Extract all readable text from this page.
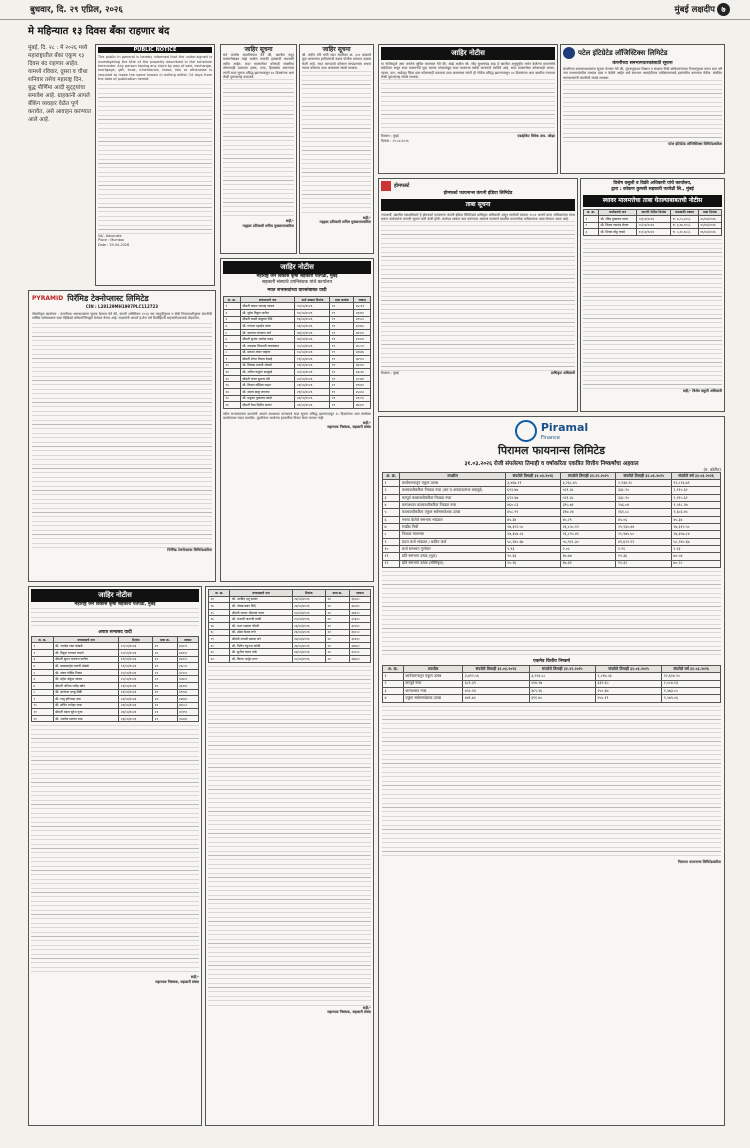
बुधवार, दि. २९ एप्रिल, २०२६	मुंबई लक्षदीप ७
मे महिन्यात १३ दिवस बँका राहणार बंद
मुंबई, दि. २८ : मे २०२६ मध्ये महाराष्ट्रातील बँका एकूण १३ दिवस बंद राहणार आहेत. यामध्ये रविवार, दुसरा व चौथा शनिवार तसेच महाराष्ट्र दिन, बुद्ध पौर्णिमा आदी सुट्ट्यांचा समावेश आहे. ग्राहकांनी आपले बँकिंग व्यवहार वेळेत पूर्ण करावेत, असे आवाहन करण्यात आले आहे.
PUBLIC NOTICE
The public in general is hereby informed that the under-signed is investigating the title of the property described in the schedule hereunder. Any person having any claim by way of sale, exchange, mortgage, gift, trust, inheritance, lease, lien or otherwise is required to make the same known in writing within 14 days from the date of publication hereof.
Sd/- Advocate
Place : Mumbai
Date : 29-04-2026
PYRAMID पिरॅमिड टेक्नोप्लास्ट लिमिटेड
CIN : L28129MH1997PLC112723
नोंदणीकृत कार्यालय : कंपनीच्या भागधारकांना सूचना देण्यात येते की, कंपनी अधिनियम २०१३ च्या तरतुदींनुसार व सेबी नियमावलीनुसार कंपनीची वार्षिक सर्वसाधारण सभा व्हिडिओ कॉन्फरन्सिंगद्वारे घेण्यात येणार आहे. सदस्यांनी आपले ई-मेल पत्ते डिपॉझिटरी सहभागीदाराकडे नोंदवावेत.
पिरॅमिड टेक्नोप्लास्ट लिमिटेडकरिता
जाहिर सूचना
सर्व जनतेस कळविण्यात येते की, खालील नमूद मालमत्तेबाबत माझे अशील मालकी हक्काची तपासणी करीत आहेत. सदर मालमत्तेवर कोणाही व्यक्तीचा कोणत्याही प्रकारचा हक्क, दावा, हितसंबंध असल्यास त्यांनी सदर सूचना प्रसिद्ध झाल्यापासून १४ दिवसांच्या आत लेखी पुराव्यासह कळवावे.
सही/-
मढ्हाव प्रतिकारी सचिव मुख्यालयकरिता
जाहिर सूचना
श्री. संदीप मोरे यांनी सदर सदनिका क्र. ३०२ बाबतचे मूळ करारनामा हरविल्याची तक्रार पोलीस ठाण्यात दाखल केली आहे. सदर कागदपत्रे कोणास सापडल्यास अथवा त्यावर कोणाचा दावा असल्यास संपर्क साधावा.
सही/-
मढ्हाव प्रतिकारी सचिव मुख्यालयकरिता
जाहिर नोटीस
महाराष्ट्र जन विकास कृषी सहकारी पतपेढी, मुंबई
सहकारी संस्थांचे उपनिबंधक यांचे कार्यालय
मयत सभासदांच्या वारसांबाबत यादी
अ. क्र.	सभासदाचे नाव	अर्ज दाखल दिनांक	दावा क्रमांक	रक्कम
१	श्रीमती कमल रामचंद्र जाधव	१५/०४/२०२६	११	४५०११
२	श्री. सुरेश विठ्ठल पाटील	१५/०४/२०२६	११	४३२१०
३	श्रीमती लक्ष्मी बाबुराव शिंदे	१६/०४/२०२६	११	४१५००
४	श्री. गणपत महादेव पवार	१६/०४/२०२६	११	३८७६०
५	श्री. दत्तात्रय नारायण माने	१७/०४/२०२६	११	४४९००
६	श्रीमती सुनंदा अशोक कदम	१७/०४/२०२६	११	३९२५०
७	श्री. रामदास भिकाजी गायकवाड	१८/०४/२०२६	११	४०८००
८	श्री. प्रकाश शंकर चव्हाण	१८/०४/२०२६	११	४२६७५
९	श्रीमती शोभा विजय देसाई	१९/०४/२०२६	११	३७९००
१०	श्री. विलास मारुती भोसले	१९/०४/२०२६	११	४६१२०
११	श्री. अनिल पांडुरंग साळुंखे	२०/०४/२०२६	११	४३८४०
१२	श्रीमती मंगल सुभाष मोरे	२०/०४/२०२६	११	४०२३०
१३	श्री. किसन धोंडिबा राऊत	२१/०४/२०२६	११	३९६१०
१४	श्री. संजय बाळू जगताप	२१/०४/२०२६	११	४५७५०
१५	श्री. मधुकर तुकाराम काळे	२२/०४/२०२६	११	४१०९०
१६	श्रीमती रेखा दिलीप सावंत	२२/०४/२०२६	११	४४३००
वरील सभासदांच्या वारसांनी आपले आवश्यक कागदपत्रे सदर सूचना प्रसिद्ध झाल्यापासून १५ दिवसांच्या आत संस्थेच्या कार्यालयात सादर करावीत. मुदतीनंतर आलेल्या हरकतींचा विचार केला जाणार नाही.
सही/-
सहाय्यक निबंधक, सहकारी संस्था
जाहिर नोटीस
या नोटीसद्वारे आम जनतेस सूचित करण्यात येते की, माझे अशील श्री. नरेंद्र सुभाषचंद्र शाह हे खालील अनुसूचीत वर्णन केलेल्या मालमत्तेचे खरेदीदार असून सदर मालमत्तेचे मूळ मालक यांच्याकडून सदर मालमत्ता खरेदी करण्याचे ठरविले आहे. सदर मालमत्तेवर कोणाचाही वारसा, गहाण, दान, भाडेपट्टा किंवा इतर कोणत्याही प्रकारचा दावा असल्यास त्यांनी ही नोटीस प्रसिद्ध झाल्यापासून १४ दिवसांच्या आत खालील पत्त्यावर लेखी पुराव्यासह संपर्क साधावा.
ठिकाण : मुंबई	एडव्होकेट विवेक आर. ओझा
दिनांक : २९.०४.२०२६
पटेल इंटिग्रेटेड लॉजिस्टिक्स लिमिटेड
कंपनीच्या समभागधारकांसाठी सूचना
कंपनीच्या समभागधारकांना सूचना देण्यात येते की, गुंतवणूकदार शिक्षण व संरक्षण निधी प्राधिकरणाच्या नियमांनुसार सलग सात वर्षे ज्या समभागांवरील लाभांश दावा न केलेले आहेत असे समभाग आयईपीएफ प्राधिकरणाकडे हस्तांतरित करण्यात येतील. संबंधित भागधारकांनी कंपनीशी संपर्क साधावा.
पटेल इंटिग्रेटेड लॉजिस्टिक्स लिमिटेडकरिता
होमफर्स्ट
होमफर्स्ट फायनान्स कंपनी इंडिया लिमिटेड
ताबा सूचना
ज्याअर्थी, खालील स्वाक्षरीकर्ता हे होमफर्स्ट फायनान्स कंपनी इंडिया लिमिटेडचे प्राधिकृत अधिकारी असून सरफेसी कायदा २००२ अन्वये प्राप्त अधिकारांचा वापर करून कर्जदारांना मागणी सूचना जारी केली होती. कर्जदार रक्कम परत करण्यास असमर्थ ठरल्याने खालील मालमत्तेचा प्रतीकात्मक ताबा घेण्यात आला आहे.
ठिकाण : मुंबई	प्राधिकृत अधिकारी
विशेष वसुली व विक्री अधिकारी यांचे कार्यालय,
द्वारा : कोकण कुणबी सहकारी पतपेढी लि., मुंबई
स्थावर मालमत्तेचा ताबा घेतल्याबाबतची नोटीस
अ. क्र.	कर्जदाराचे नाव	मागणी नोटीस दिनांक	थकबाकी रक्कम	ताबा दिनांक
१	श्री. रविंद्र तुकाराम पवार	०१/०२/२०२६	रु. ४,८५,२००/-	२५/०४/२०२६
२	श्री. विजय रामचंद्र शेलार	०५/०२/२०२६	रु. ३,२७,९००/-	२५/०४/२०२६
३	श्री. दिपक धोंडू गावडे	१०/०२/२०२६	रु. ५,१२,६५०/-	२६/०४/२०२६
सही/- विशेष वसुली अधिकारी
Piramal
Finance
पिरामल फायनान्स लिमिटेड
३१.०३.२०२६ रोजी संपलेल्या तिमाही व वर्षाकरिता एकत्रित वित्तीय निष्कर्षांचा अहवाल
(रु. कोटीत)
अ. क्र.	तपशील	संपलेले तिमाही ३१.०३.२०२६	संपलेले तिमाही ३१.१२.२०२५	संपलेले तिमाही ३१.०३.२०२५	संपलेले वर्ष ३१.०३.२०२६
१	कार्यचलनातून एकूण उत्पन्न	३,४६७.२१	३,२६८.४५	२,९३४.१८	१२,८२६.७९
२	कालावधीकरिता निव्वळ नफा (कर व अपवादात्मक बाबपूर्व)	६१२.४७	५२१.३८	३३८.९०	२,११५.६२
३	करपूर्व कालावधीकरिता निव्वळ नफा	६१२.४७	५२१.३८	३३८.९०	२,११५.६२
४	करपश्चात कालावधीकरिता निव्वळ नफा	४६०.८३	३९५.७१	२५६.०४	१,५९८.२७
५	कालावधीकरिता एकूण सर्वसमावेशक उत्पन्न	४५८.१९	३९७.२४	२६१.८८	१,६०३.४५
६	भरणा केलेले समभाग भांडवल	४५.३४	४५.२९	४५.०६	४५.३४
७	राखीव निधी	२७,३१२.५०	२६,८५०.१२	२५,९३०.४४	२७,३१२.५०
८	निव्वळ मालमत्ता	२७,३५७.८४	२६,८९५.४१	२५,९७५.५०	२७,३५७.८४
९	प्रदत्त कर्ज भांडवल / थकीत कर्ज	५८,२४०.६७	५५,९१८.३०	४९,६२२.१२	५८,२४०.६७
१०	कर्ज समभाग गुणोत्तर	२.१३	२.०८	१.९१	२.१३
११	प्रति समभाग उत्पन्न (मूळ)	२०.३३	१७.४७	११.३६	७०.५४
१२	प्रति समभाग उत्पन्न (सौमिकृत)	२०.२६	१७.४१	११.३२	७०.२८
एकमेव वित्तीय निष्कर्ष
अ. क्र.	तपशील	संपलेले तिमाही ३१.०३.२०२६	संपलेले तिमाही ३१.१२.२०२५	संपलेले तिमाही ३१.०३.२०२५	संपलेले वर्ष ३१.०३.२०२६
१	कार्यचलनातून एकूण उत्पन्न	३,४१२.०६	३,२१४.८८	२,८९७.५३	१२,६१४.२०
२	करपूर्व नफा	६०१.३९	५१४.२७	३३१.६५	२,०८४.१३
३	करपश्चात नफा	४५२.१४	३८९.९६	२५०.३७	१,५७३.८०
४	एकूण सर्वसमावेशक उत्पन्न	४४९.७२	३९१.४०	२५५.१९	१,५७९.०६
पिरामल फायनान्स लिमिटेडकरिता
जाहिर नोटीस
महाराष्ट्र जन विकास कृषी सहकारी पतपेढी, मुंबई
अपात्र सभासद यादी
अ. क्र.	सभासदाचे नाव	दिनांक	दावा क्र.	रक्कम
१	श्री. नामदेव रामा कांबळे	१८/०४/२०२६	२२	३५४००
२	श्री. विठ्ठल भगवान घाडगे	१८/०४/२०२६	२२	३७२५०
३	श्रीमती सुमन नारायण पाटील	१९/०४/२०२६	२२	३४१००
४	श्री. बाळासाहेब मारुती ढोबळे	१९/०४/२०२६	२२	३६८००
५	श्री. शंकर गोविंद निकम	२०/०४/२०२६	२२	३८९५०
६	श्री. महेश अंकुश जाधव	२०/०४/२०२६	२२	३५७००
७	श्रीमती अनिता राजेंद्र खोत	२१/०४/२०२६	२२	३६२२०
८	श्री. ज्ञानेश्वर दगडू शिर्के	२१/०४/२०२६	२२	३९१४०
९	श्री. राजू हरिभाऊ वाघ	२२/०४/२०२६	२२	३४६६०
१०	श्री. सचिन मनोहर परब	२२/०४/२०२६	२२	३७०८०
११	श्रीमती वंदना सुरेश गुरव	२३/०४/२०२६	२२	३५९९०
१२	श्री. अशोक यशवंत लाड	२३/०४/२०२६	२२	३८४३०
सही/-
सहाय्यक निबंधक, सहकारी संस्था
अ. क्र.	सभासदाचे नाव	दिनांक	दावा क्र.	रक्कम
१३	श्री. अरविंद दत्तू सावंत	२४/०४/२०२६	२२	३६५४०
१४	श्री. गोरख बबन शिंदे	२४/०४/२०२६	२२	३४८७०
१५	श्रीमती शालन भीमराव पवार	२५/०४/२०२६	२२	३७६१०
१६	श्री. धनाजी तानाजी माळी	२५/०४/२०२६	२२	३५३२०
१७	श्री. भरत लक्ष्मण चौधरी	२६/०४/२०२६	२२	३८७९०
१८	श्री. उमेश केशव राणे	२६/०४/२०२६	२२	३६०५०
१९	श्रीमती जयश्री प्रकाश बने	२७/०४/२०२६	२२	३४९३०
२०	श्री. नितीन रघुनाथ कोळी	२७/०४/२०२६	२२	३७४६०
२१	श्री. सुनील वामन तांबे	२७/०४/२०२६	२२	३५८१०
२२	श्री. किरण अर्जुन मगर	२८/०४/२०२६	२२	३६७२०
सही/-
सहाय्यक निबंधक, सहकारी संस्था
